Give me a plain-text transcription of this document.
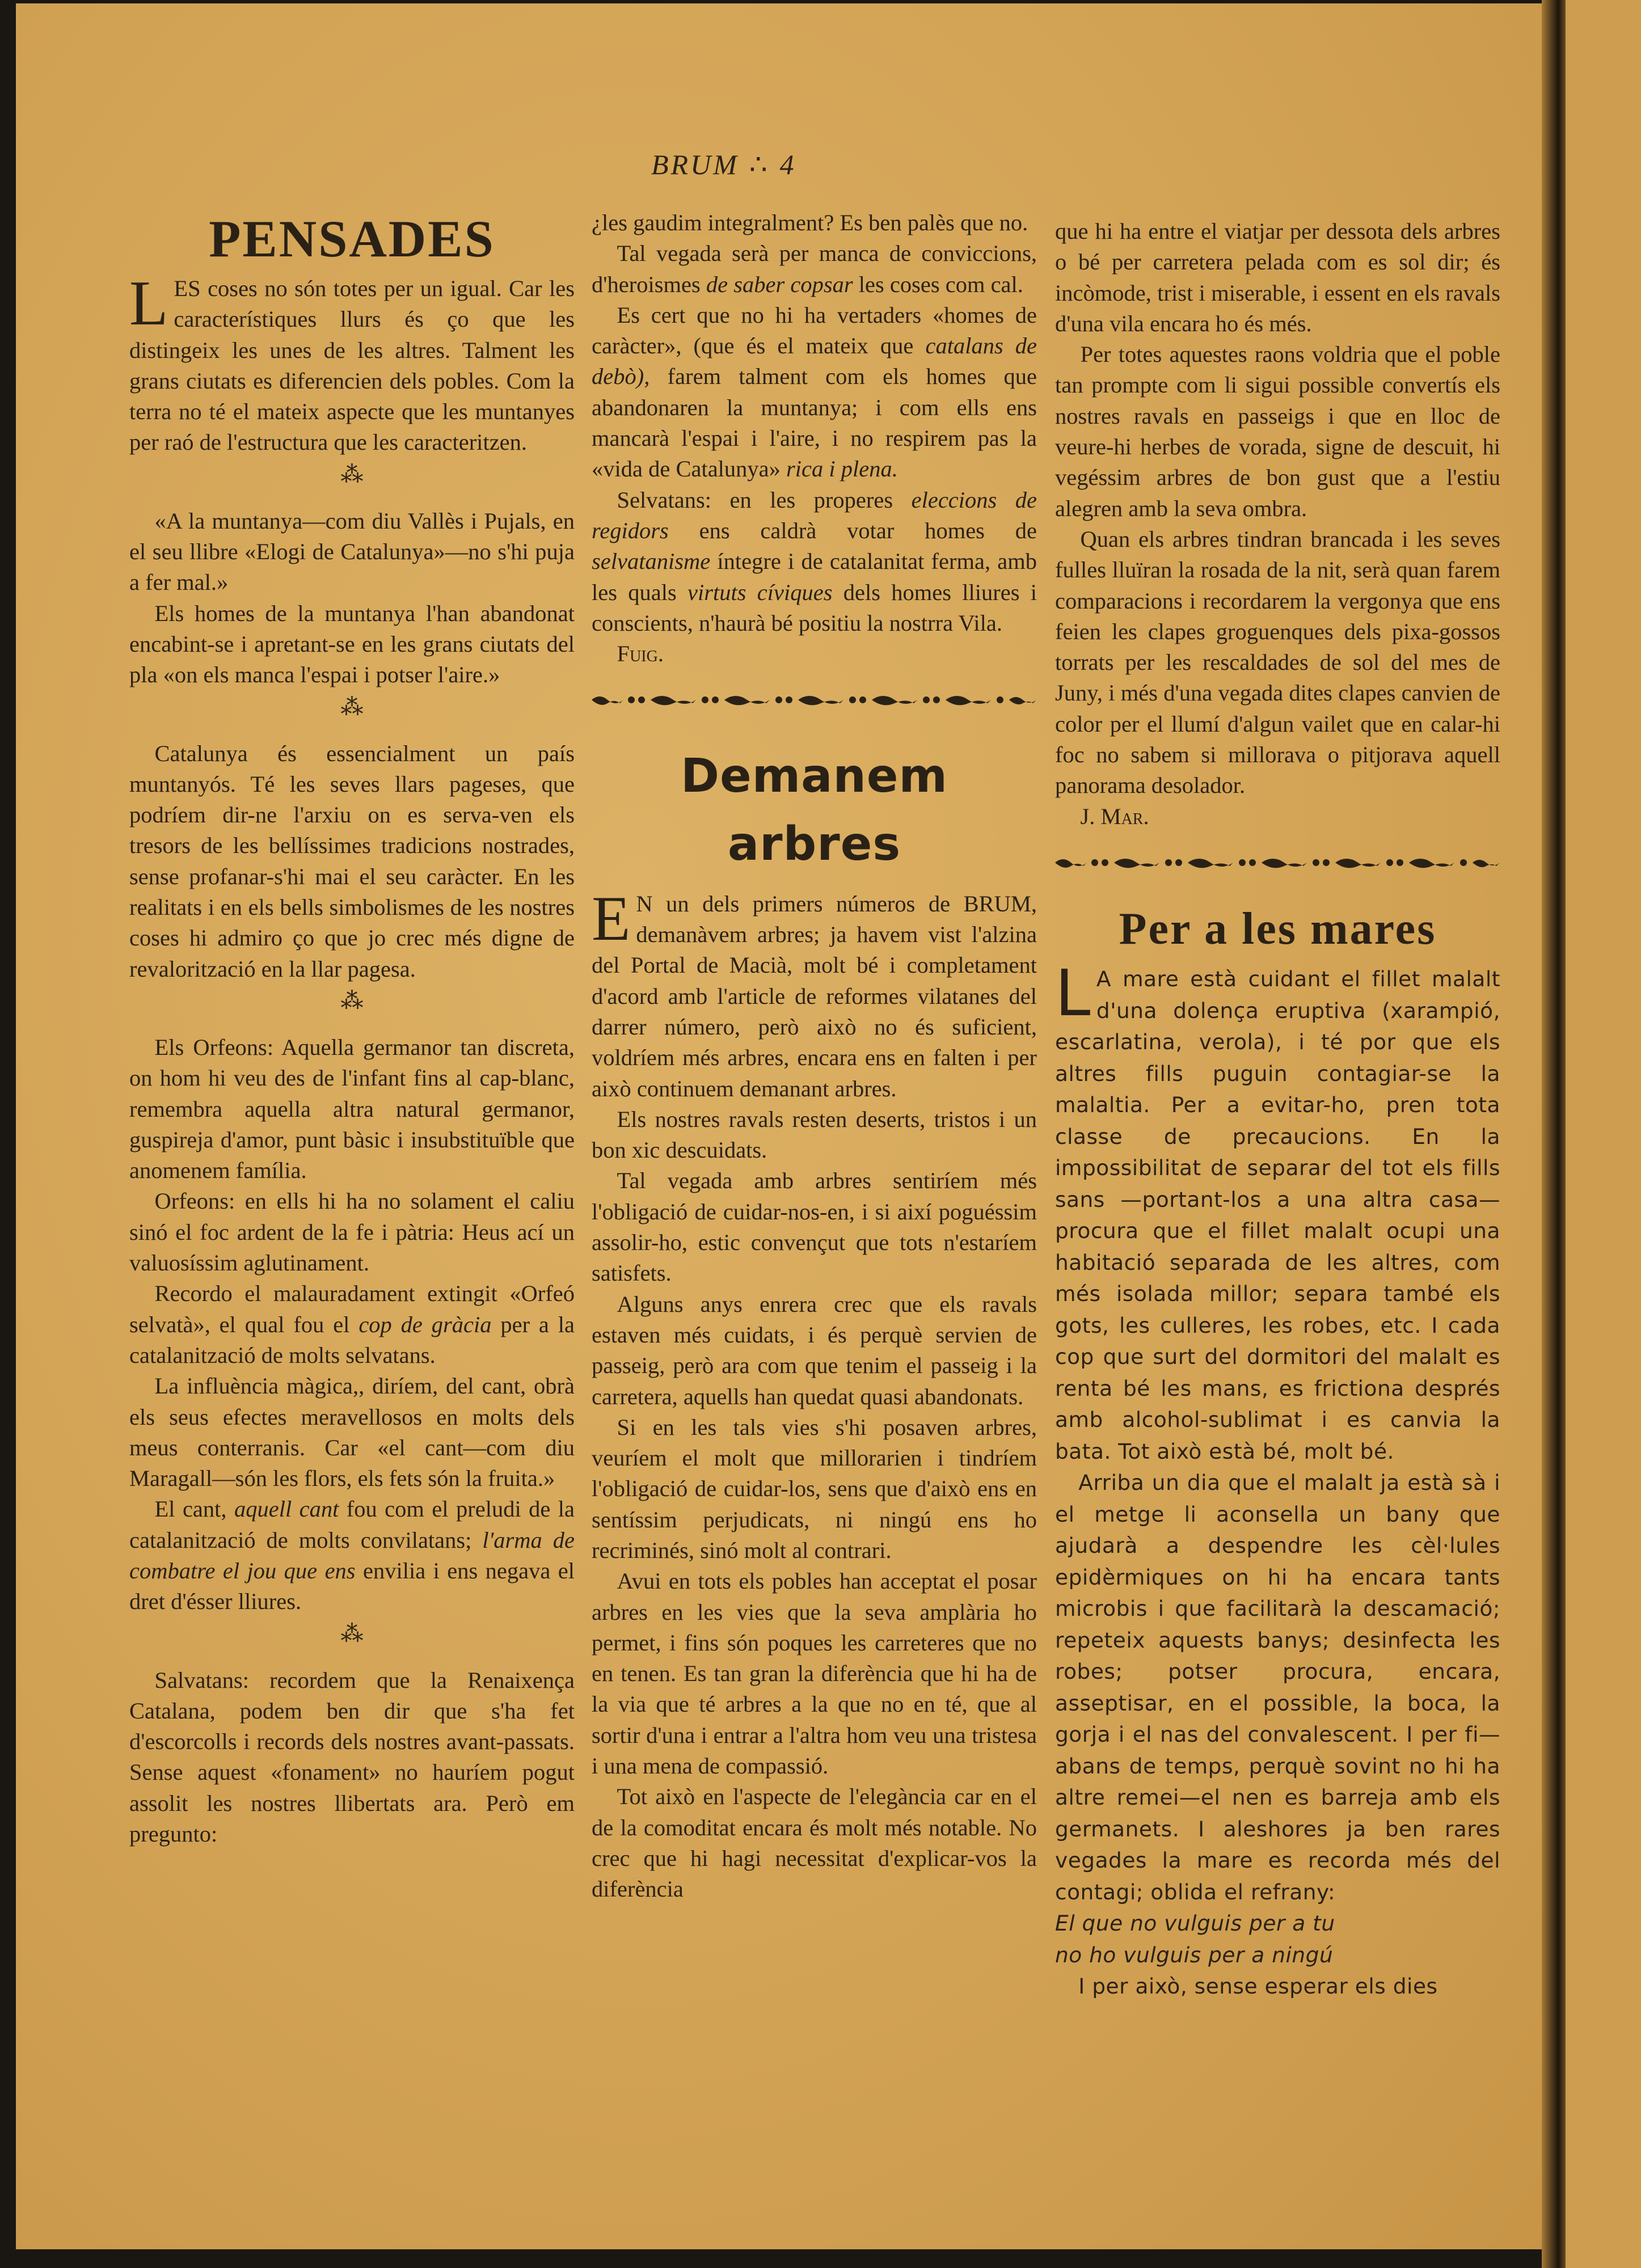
BRUM ∴ 4
PENSADES

LES coses no són totes per un igual. Car les característiques llurs és ço que les distingeix les unes de les altres. Talment les grans ciutats es diferencien dels pobles. Com la terra no té el mateix aspecte que les muntanyes per raó de l'estructura que les caracteritzen.

⁂

«A la muntanya—com diu Vallès i Pujals, en el seu llibre «Elogi de Catalunya»—no s'hi puja a fer mal.»

Els homes de la muntanya l'han abandonat encabint-se i apretant-se en les grans ciutats del pla «on els manca l'espai i potser l'aire.»

⁂

Catalunya és essencialment un país muntanyós. Té les seves llars pageses, que podríem dir-ne l'arxiu on es serva-ven els tresors de les bellíssimes tradicions nostrades, sense profanar-s'hi mai el seu caràcter. En les realitats i en els bells simbolismes de les nostres coses hi admiro ço que jo crec més digne de revalorització en la llar pagesa.

⁂

Els Orfeons: Aquella germanor tan discreta, on hom hi veu des de l'infant fins al cap-blanc, remembra aquella altra natural germanor, guspireja d'amor, punt bàsic i insubstituïble que anomenem família.

Orfeons: en ells hi ha no solament el caliu sinó el foc ardent de la fe i pàtria: Heus ací un valuosíssim aglutinament.

Recordo el malauradament extingit «Orfeó selvatà», el qual fou el cop de gràcia per a la catalanització de molts selvatans.

La influència màgica,, diríem, del cant, obrà els seus efectes meravellosos en molts dels meus conterranis. Car «el cant—com diu Maragall—són les flors, els fets són la fruita.»

El cant, aquell cant fou com el preludi de la catalanització de molts convilatans; l'arma de combatre el jou que ens envilia i ens negava el dret d'ésser lliures.

⁂

Salvatans: recordem que la Renaixença Catalana, podem ben dir que s'ha fet d'escorcolls i records dels nostres avant-passats. Sense aquest «fonament» no hauríem pogut assolit les nostres llibertats ara. Però em pregunto:

¿les gaudim integralment? Es ben palès que no.

Tal vegada serà per manca de conviccions, d'heroismes de saber copsar les coses com cal.

Es cert que no hi ha vertaders «homes de caràcter», (que és el mateix que catalans de debò), farem talment com els homes que abandonaren la muntanya; i com ells ens mancarà l'espai i l'aire, i no respirem pas la «vida de Catalunya» rica i plena.

Selvatans: en les properes eleccions de regidors ens caldrà votar homes de selvatanisme íntegre i de catalanitat ferma, amb les quals virtuts cíviques dels homes lliures i conscients, n'haurà bé positiu la nostrra Vila.

Fuig.

Demanem arbres

E N un dels primers números de BRUM, demanàvem arbres; ja havem vist l'alzina del Portal de Macià, molt bé i completament d'acord amb l'article de reformes vilatanes del darrer número, però això no és suficient, voldríem més arbres, encara ens en falten i per això continuem demanant arbres.

Els nostres ravals resten deserts, tristos i un bon xic descuidats.

Tal vegada amb arbres sentiríem més l'obligació de cuidar-nos-en, i si així poguéssim assolir-ho, estic convençut que tots n'estaríem satisfets.

Alguns anys enrera crec que els ravals estaven més cuidats, i és perquè servien de passeig, però ara com que tenim el passeig i la carretera, aquells han quedat quasi abandonats.

Si en les tals vies s'hi posaven arbres, veuríem el molt que millorarien i tindríem l'obligació de cuidar-los, sens que d'això ens en sentíssim perjudicats, ni ningú ens ho recriminés, sinó molt al contrari.

Avui en tots els pobles han acceptat el posar arbres en les vies que la seva amplària ho permet, i fins són poques les carreteres que no en tenen. Es tan gran la diferència que hi ha de la via que té arbres a la que no en té, que al sortir d'una i entrar a l'altra hom veu una tristesa i una mena de compassió.

Tot això en l'aspecte de l'elegància car en el de la comoditat encara és molt més notable. No crec que hi hagi necessitat d'explicar-vos la diferència

que hi ha entre el viatjar per dessota dels arbres o bé per carretera pelada com es sol dir; és incòmode, trist i miserable, i essent en els ravals d'una vila encara ho és més.

Per totes aquestes raons voldria que el poble tan prompte com li sigui possible convertís els nostres ravals en passeigs i que en lloc de veure-hi herbes de vorada, signe de descuit, hi vegéssim arbres de bon gust que a l'estiu alegren amb la seva ombra.

Quan els arbres tindran brancada i les seves fulles lluïran la rosada de la nit, serà quan farem comparacions i recordarem la vergonya que ens feien les clapes groguenques dels pixa-gossos torrats per les rescaldades de sol del mes de Juny, i més d'una vegada dites clapes canvien de color per el llumí d'algun vailet que en calar-hi foc no sabem si millorava o pitjorava aquell panorama desolador.

J. Mar.

Per a les mares

L A mare està cuidant el fillet malalt d'una dolença eruptiva (xarampió, escarlatina, verola), i té por que els altres fills puguin contagiar-se la malaltia. Per a evitar-ho, pren tota classe de precaucions. En la impossibilitat de separar del tot els fills sans —portant-los a una altra casa—procura que el fillet malalt ocupi una habitació separada de les altres, com més isolada millor; separa també els gots, les culleres, les robes, etc. I cada cop que surt del dormitori del malalt es renta bé les mans, es frictiona després amb alcohol-sublimat i es canvia la bata. Tot això està bé, molt bé.

Arriba un dia que el malalt ja està sà i el metge li aconsella un bany que ajudarà a despendre les cèl·lules epidèrmiques on hi ha encara tants microbis i que facilitarà la descamació; repeteix aquests banys; desinfecta les robes; potser procura, encara, asseptisar, en el possible, la boca, la gorja i el nas del convalescent. I per fi—abans de temps, perquè sovint no hi ha altre remei—el nen es barreja amb els germanets. I aleshores ja ben rares vegades la mare es recorda més del contagi; oblida el refrany:

El que no vulguis per a tu

no ho vulguis per a ningú

I per això, sense esperar els dies
